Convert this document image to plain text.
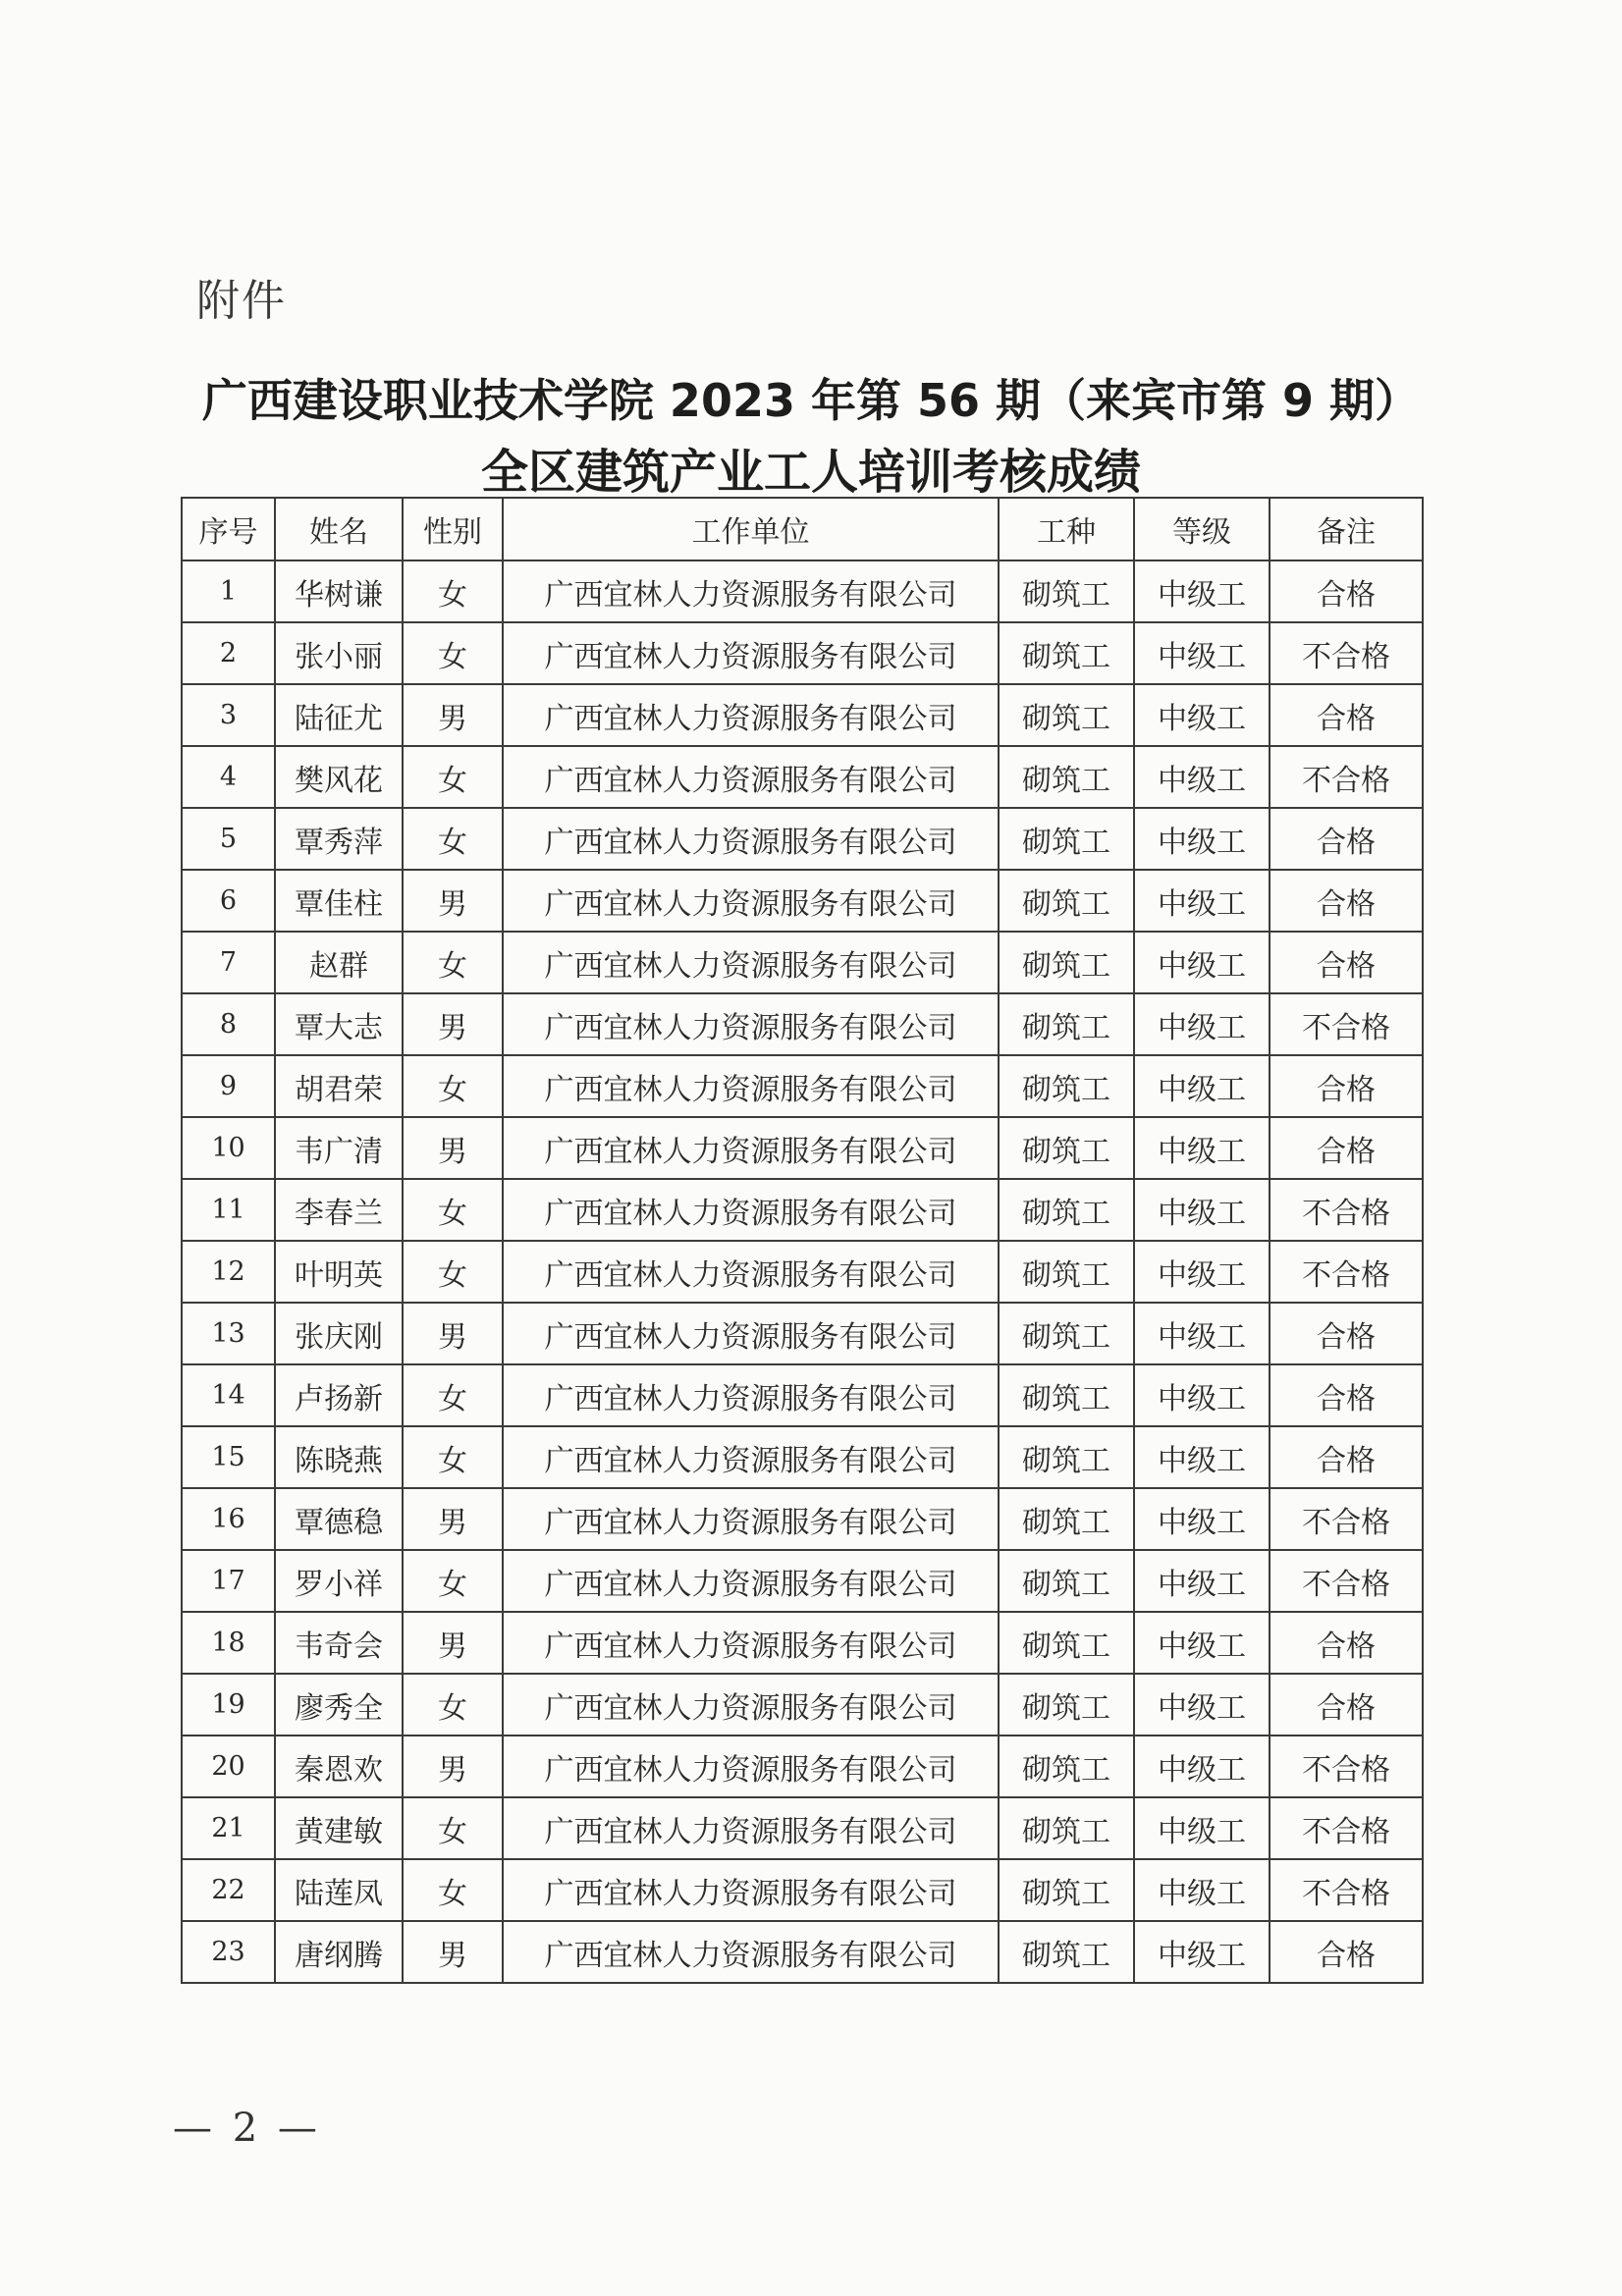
附件
广西建设职业技术学院 2023 年第 56 期（来宾市第 9 期）
全区建筑产业工人培训考核成绩
序号	姓名	性别	工作单位	工种	等级	备注
1	华树谦	女	广西宜林人力资源服务有限公司	砌筑工	中级工	合格
2	张小丽	女	广西宜林人力资源服务有限公司	砌筑工	中级工	不合格
3	陆征尤	男	广西宜林人力资源服务有限公司	砌筑工	中级工	合格
4	樊风花	女	广西宜林人力资源服务有限公司	砌筑工	中级工	不合格
5	覃秀萍	女	广西宜林人力资源服务有限公司	砌筑工	中级工	合格
6	覃佳柱	男	广西宜林人力资源服务有限公司	砌筑工	中级工	合格
7	赵群	女	广西宜林人力资源服务有限公司	砌筑工	中级工	合格
8	覃大志	男	广西宜林人力资源服务有限公司	砌筑工	中级工	不合格
9	胡君荣	女	广西宜林人力资源服务有限公司	砌筑工	中级工	合格
10	韦广清	男	广西宜林人力资源服务有限公司	砌筑工	中级工	合格
11	李春兰	女	广西宜林人力资源服务有限公司	砌筑工	中级工	不合格
12	叶明英	女	广西宜林人力资源服务有限公司	砌筑工	中级工	不合格
13	张庆刚	男	广西宜林人力资源服务有限公司	砌筑工	中级工	合格
14	卢扬新	女	广西宜林人力资源服务有限公司	砌筑工	中级工	合格
15	陈晓燕	女	广西宜林人力资源服务有限公司	砌筑工	中级工	合格
16	覃德稳	男	广西宜林人力资源服务有限公司	砌筑工	中级工	不合格
17	罗小祥	女	广西宜林人力资源服务有限公司	砌筑工	中级工	不合格
18	韦奇会	男	广西宜林人力资源服务有限公司	砌筑工	中级工	合格
19	廖秀全	女	广西宜林人力资源服务有限公司	砌筑工	中级工	合格
20	秦恩欢	男	广西宜林人力资源服务有限公司	砌筑工	中级工	不合格
21	黄建敏	女	广西宜林人力资源服务有限公司	砌筑工	中级工	不合格
22	陆莲凤	女	广西宜林人力资源服务有限公司	砌筑工	中级工	不合格
23	唐纲腾	男	广西宜林人力资源服务有限公司	砌筑工	中级工	合格
— 2 —
